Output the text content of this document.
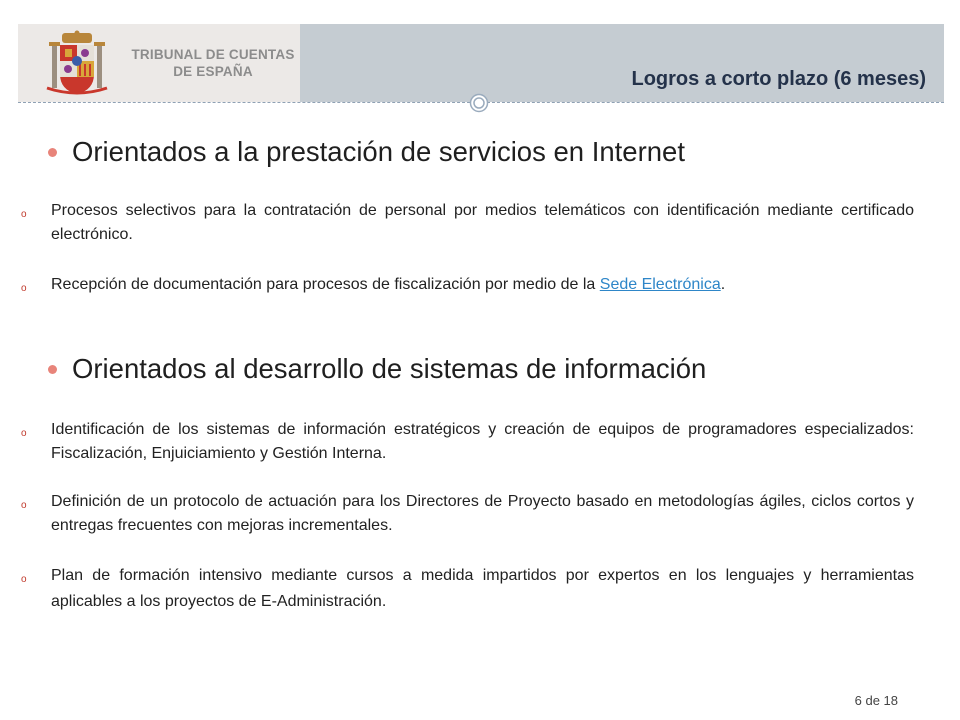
TRIBUNAL DE CUENTAS
DE ESPAÑA	Logros a corto plazo (6 meses)
Orientados a la prestación de servicios en Internet
o Procesos selectivos para la contratación de personal por medios telemáticos con identificación mediante certificado electrónico.
o Recepción de documentación para procesos de fiscalización por medio de la Sede Electrónica.
Orientados al desarrollo de sistemas de información
o Identificación de los sistemas de información estratégicos y creación de equipos de programadores especializados: Fiscalización, Enjuiciamiento y Gestión Interna.
o Definición de un protocolo de actuación para los Directores de Proyecto basado en metodologías ágiles, ciclos cortos y entregas frecuentes con mejoras incrementales.
o Plan de formación intensivo mediante cursos a medida impartidos por expertos en los lenguajes y herramientas aplicables a los proyectos de E-Administración.
6 de 18
